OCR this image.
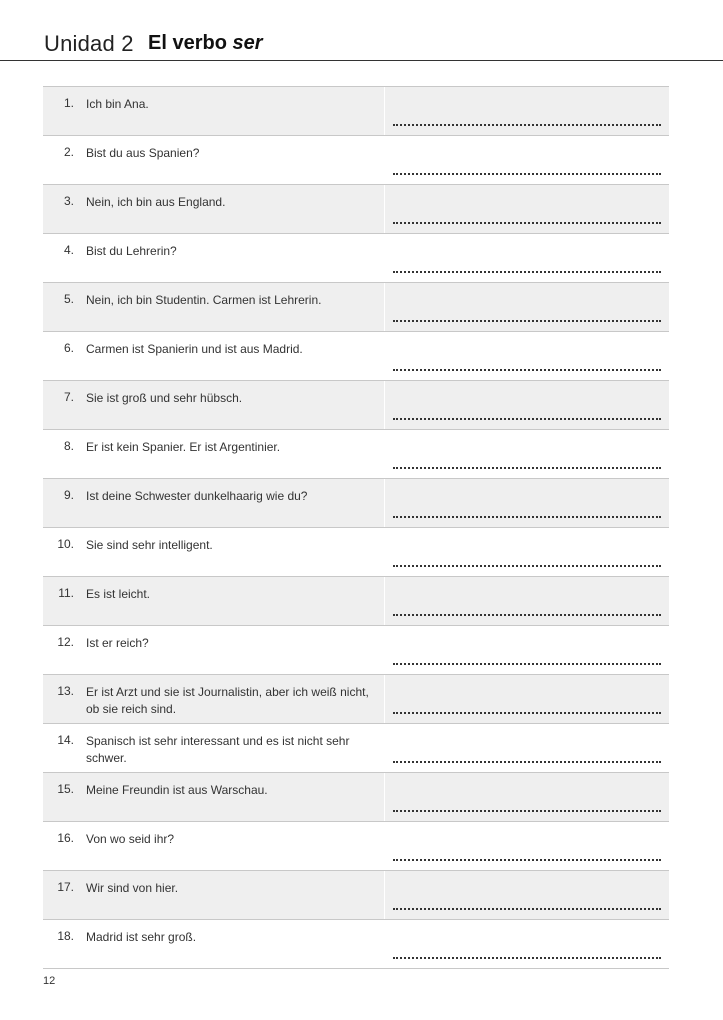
Unidad 2 El verbo ser
1. Ich bin Ana.
2. Bist du aus Spanien?
3. Nein, ich bin aus England.
4. Bist du Lehrerin?
5. Nein, ich bin Studentin. Carmen ist Lehrerin.
6. Carmen ist Spanierin und ist aus Madrid.
7. Sie ist groß und sehr hübsch.
8. Er ist kein Spanier. Er ist Argentinier.
9. Ist deine Schwester dunkelhaarig wie du?
10. Sie sind sehr intelligent.
11. Es ist leicht.
12. Ist er reich?
13. Er ist Arzt und sie ist Journalistin, aber ich weiß nicht, ob sie reich sind.
14. Spanisch ist sehr interessant und es ist nicht sehr schwer.
15. Meine Freundin ist aus Warschau.
16. Von wo seid ihr?
17. Wir sind von hier.
18. Madrid ist sehr groß.
12
